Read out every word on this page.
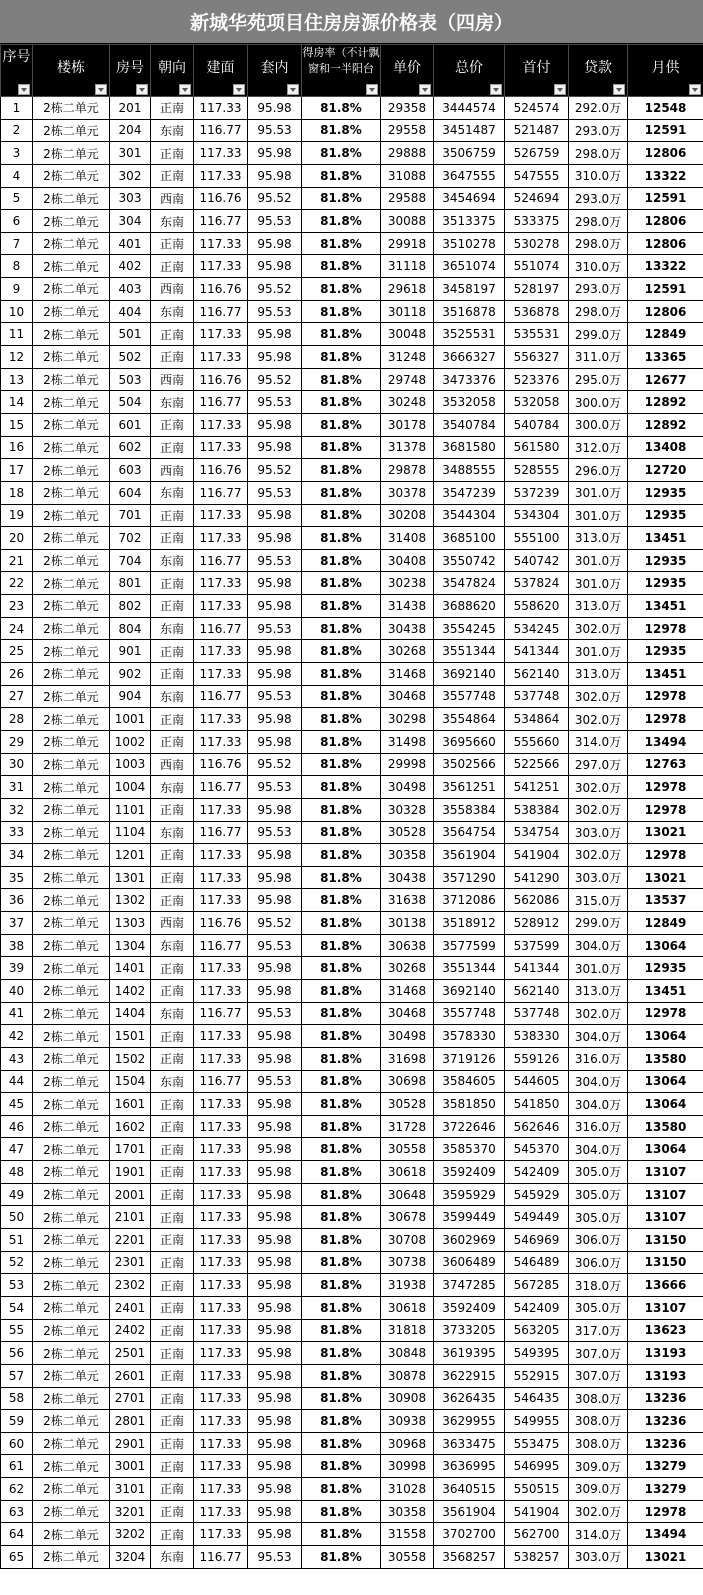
新城华苑项目住房房源价格表（四房）
序号	楼栋	房号	朝向	建面	套内	得房率（不计飘窗和一半阳台	单价	总价	首付	贷款	月供

1	2栋二单元	201	正南	117.33	95.98	81.8%	29358	3444574	524574	292.0万	12548
2	2栋二单元	204	东南	116.77	95.53	81.8%	29558	3451487	521487	293.0万	12591
3	2栋二单元	301	正南	117.33	95.98	81.8%	29888	3506759	526759	298.0万	12806
4	2栋二单元	302	正南	117.33	95.98	81.8%	31088	3647555	547555	310.0万	13322
5	2栋二单元	303	西南	116.76	95.52	81.8%	29588	3454694	524694	293.0万	12591
6	2栋二单元	304	东南	116.77	95.53	81.8%	30088	3513375	533375	298.0万	12806
7	2栋二单元	401	正南	117.33	95.98	81.8%	29918	3510278	530278	298.0万	12806
8	2栋二单元	402	正南	117.33	95.98	81.8%	31118	3651074	551074	310.0万	13322
9	2栋二单元	403	西南	116.76	95.52	81.8%	29618	3458197	528197	293.0万	12591
10	2栋二单元	404	东南	116.77	95.53	81.8%	30118	3516878	536878	298.0万	12806
11	2栋二单元	501	正南	117.33	95.98	81.8%	30048	3525531	535531	299.0万	12849
12	2栋二单元	502	正南	117.33	95.98	81.8%	31248	3666327	556327	311.0万	13365
13	2栋二单元	503	西南	116.76	95.52	81.8%	29748	3473376	523376	295.0万	12677
14	2栋二单元	504	东南	116.77	95.53	81.8%	30248	3532058	532058	300.0万	12892
15	2栋二单元	601	正南	117.33	95.98	81.8%	30178	3540784	540784	300.0万	12892
16	2栋二单元	602	正南	117.33	95.98	81.8%	31378	3681580	561580	312.0万	13408
17	2栋二单元	603	西南	116.76	95.52	81.8%	29878	3488555	528555	296.0万	12720
18	2栋二单元	604	东南	116.77	95.53	81.8%	30378	3547239	537239	301.0万	12935
19	2栋二单元	701	正南	117.33	95.98	81.8%	30208	3544304	534304	301.0万	12935
20	2栋二单元	702	正南	117.33	95.98	81.8%	31408	3685100	555100	313.0万	13451
21	2栋二单元	704	东南	116.77	95.53	81.8%	30408	3550742	540742	301.0万	12935
22	2栋二单元	801	正南	117.33	95.98	81.8%	30238	3547824	537824	301.0万	12935
23	2栋二单元	802	正南	117.33	95.98	81.8%	31438	3688620	558620	313.0万	13451
24	2栋二单元	804	东南	116.77	95.53	81.8%	30438	3554245	534245	302.0万	12978
25	2栋二单元	901	正南	117.33	95.98	81.8%	30268	3551344	541344	301.0万	12935
26	2栋二单元	902	正南	117.33	95.98	81.8%	31468	3692140	562140	313.0万	13451
27	2栋二单元	904	东南	116.77	95.53	81.8%	30468	3557748	537748	302.0万	12978
28	2栋二单元	1001	正南	117.33	95.98	81.8%	30298	3554864	534864	302.0万	12978
29	2栋二单元	1002	正南	117.33	95.98	81.8%	31498	3695660	555660	314.0万	13494
30	2栋二单元	1003	西南	116.76	95.52	81.8%	29998	3502566	522566	297.0万	12763
31	2栋二单元	1004	东南	116.77	95.53	81.8%	30498	3561251	541251	302.0万	12978
32	2栋二单元	1101	正南	117.33	95.98	81.8%	30328	3558384	538384	302.0万	12978
33	2栋二单元	1104	东南	116.77	95.53	81.8%	30528	3564754	534754	303.0万	13021
34	2栋二单元	1201	正南	117.33	95.98	81.8%	30358	3561904	541904	302.0万	12978
35	2栋二单元	1301	正南	117.33	95.98	81.8%	30438	3571290	541290	303.0万	13021
36	2栋二单元	1302	正南	117.33	95.98	81.8%	31638	3712086	562086	315.0万	13537
37	2栋二单元	1303	西南	116.76	95.52	81.8%	30138	3518912	528912	299.0万	12849
38	2栋二单元	1304	东南	116.77	95.53	81.8%	30638	3577599	537599	304.0万	13064
39	2栋二单元	1401	正南	117.33	95.98	81.8%	30268	3551344	541344	301.0万	12935
40	2栋二单元	1402	正南	117.33	95.98	81.8%	31468	3692140	562140	313.0万	13451
41	2栋二单元	1404	东南	116.77	95.53	81.8%	30468	3557748	537748	302.0万	12978
42	2栋二单元	1501	正南	117.33	95.98	81.8%	30498	3578330	538330	304.0万	13064
43	2栋二单元	1502	正南	117.33	95.98	81.8%	31698	3719126	559126	316.0万	13580
44	2栋二单元	1504	东南	116.77	95.53	81.8%	30698	3584605	544605	304.0万	13064
45	2栋二单元	1601	正南	117.33	95.98	81.8%	30528	3581850	541850	304.0万	13064
46	2栋二单元	1602	正南	117.33	95.98	81.8%	31728	3722646	562646	316.0万	13580
47	2栋二单元	1701	正南	117.33	95.98	81.8%	30558	3585370	545370	304.0万	13064
48	2栋二单元	1901	正南	117.33	95.98	81.8%	30618	3592409	542409	305.0万	13107
49	2栋二单元	2001	正南	117.33	95.98	81.8%	30648	3595929	545929	305.0万	13107
50	2栋二单元	2101	正南	117.33	95.98	81.8%	30678	3599449	549449	305.0万	13107
51	2栋二单元	2201	正南	117.33	95.98	81.8%	30708	3602969	546969	306.0万	13150
52	2栋二单元	2301	正南	117.33	95.98	81.8%	30738	3606489	546489	306.0万	13150
53	2栋二单元	2302	正南	117.33	95.98	81.8%	31938	3747285	567285	318.0万	13666
54	2栋二单元	2401	正南	117.33	95.98	81.8%	30618	3592409	542409	305.0万	13107
55	2栋二单元	2402	正南	117.33	95.98	81.8%	31818	3733205	563205	317.0万	13623
56	2栋二单元	2501	正南	117.33	95.98	81.8%	30848	3619395	549395	307.0万	13193
57	2栋二单元	2601	正南	117.33	95.98	81.8%	30878	3622915	552915	307.0万	13193
58	2栋二单元	2701	正南	117.33	95.98	81.8%	30908	3626435	546435	308.0万	13236
59	2栋二单元	2801	正南	117.33	95.98	81.8%	30938	3629955	549955	308.0万	13236
60	2栋二单元	2901	正南	117.33	95.98	81.8%	30968	3633475	553475	308.0万	13236
61	2栋二单元	3001	正南	117.33	95.98	81.8%	30998	3636995	546995	309.0万	13279
62	2栋二单元	3101	正南	117.33	95.98	81.8%	31028	3640515	550515	309.0万	13279
63	2栋二单元	3201	正南	117.33	95.98	81.8%	30358	3561904	541904	302.0万	12978
64	2栋二单元	3202	正南	117.33	95.98	81.8%	31558	3702700	562700	314.0万	13494
65	2栋二单元	3204	东南	116.77	95.53	81.8%	30558	3568257	538257	303.0万	13021
